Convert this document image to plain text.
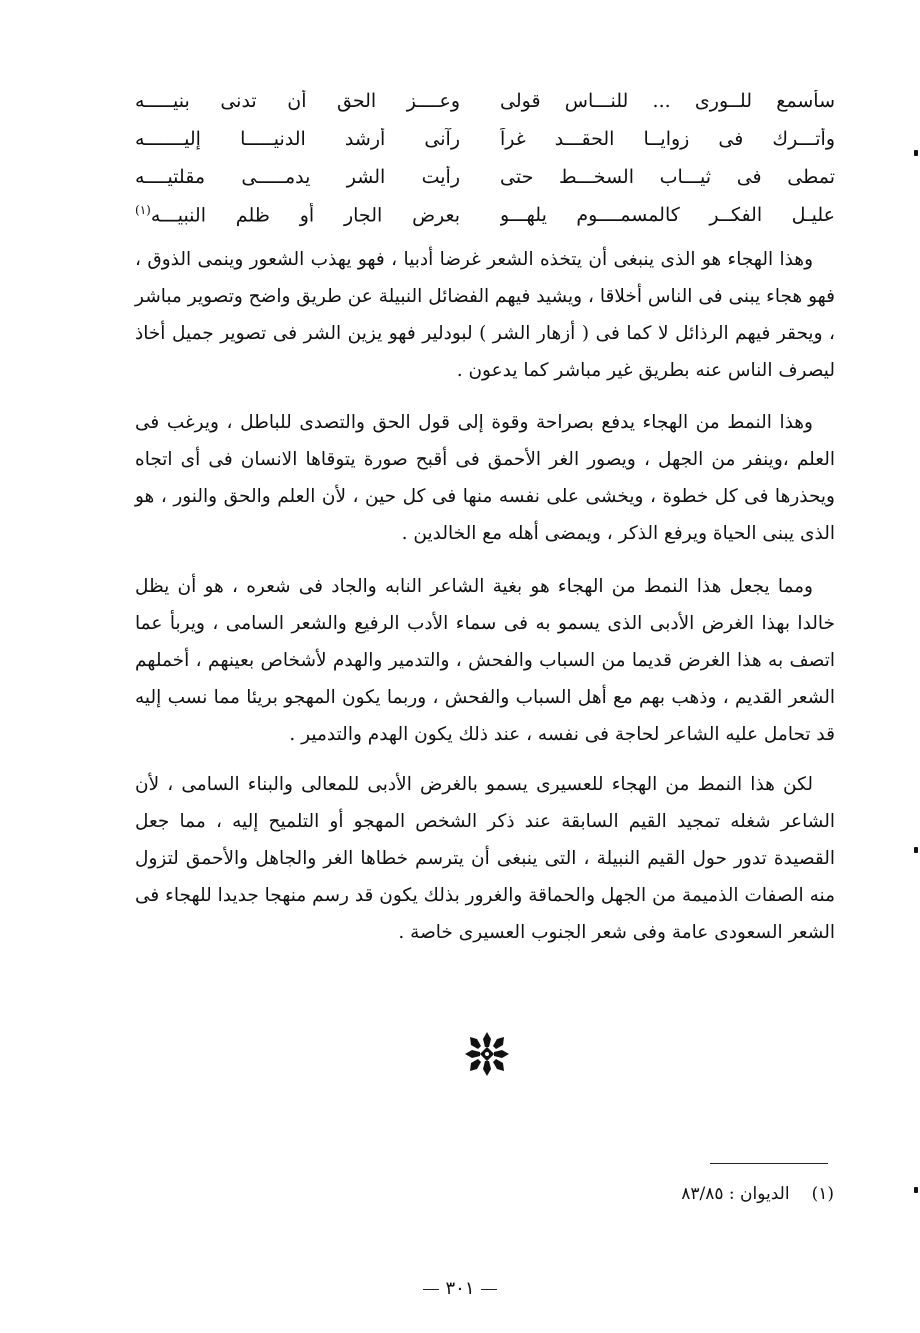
سأسمع للــورى ... للنـــاس قولى
وعــــز الحق أن تدنى بنيـــــه
وأتـــرك فى زوايــا الحقـــد غراً
رآنى أرشد الدنيـــــا إليـــــــه
تمطى فى ثيـــاب السخـــط حتى
رأيت الشر يدمـــــى مقلتيــــه
عليـل الفكــر كالمسمــــوم يلهـــو
بعرض الجار أو ظلم النبيـــه$^{(١)}$

وهذا الهجاء هو الذى ينبغى أن يتخذه الشعر غرضا أدبيا ، فهو يهذب الشعور وينمى الذوق ، فهو هجاء يبنى فى الناس أخلاقا ، ويشيد فيهم الفضائل النبيلة عن طريق واضح وتصوير مباشر ، ويحقر فيهم الرذائل لا كما فى ( أزهار الشر ) لبودلير فهو يزين الشر فى تصوير جميل أخاذ ليصرف الناس عنه بطريق غير مباشر كما يدعون .

وهذا النمط من الهجاء يدفع بصراحة وقوة إلى قول الحق والتصدى للباطل ، ويرغب فى العلم ،وينفر من الجهل ، ويصور الغر الأحمق فى أقبح صورة يتوقاها الانسان فى أى اتجاه ويحذرها فى كل خطوة ، ويخشى على نفسه منها فى كل حين ، لأن العلم والحق والنور ، هو الذى يبنى الحياة ويرفع الذكر ، ويمضى أهله مع الخالدين .

ومما يجعل هذا النمط من الهجاء هو بغية الشاعر النابه والجاد فى شعره ، هو أن يظل خالدا بهذا الغرض الأدبى الذى يسمو به فى سماء الأدب الرفيع والشعر السامى ، ويربأ عما اتصف به هذا الغرض قديما من السباب والفحش ، والتدمير والهدم لأشخاص بعينهم ، أخملهم الشعر القديم ، وذهب بهم مع أهل السباب والفحش ، وربما يكون المهجو بريئا مما نسب إليه قد تحامل عليه الشاعر لحاجة فى نفسه ، عند ذلك يكون الهدم والتدمير .

لكن هذا النمط من الهجاء للعسيرى يسمو بالغرض الأدبى للمعالى والبناء السامى ، لأن الشاعر شغله تمجيد القيم السابقة عند ذكر الشخص المهجو أو التلميح إليه ، مما جعل القصيدة تدور حول القيم النبيلة ، التى ينبغى أن يترسم خطاها الغر والجاهل والأحمق لتزول منه الصفات الذميمة من الجهل والحماقة والغرور بذلك يكون قد رسم منهجا جديدا للهجاء فى الشعر السعودى عامة وفى شعر الجنوب العسيرى خاصة .

(١)الديوان : ٨٣/٨٥
٣٠١
